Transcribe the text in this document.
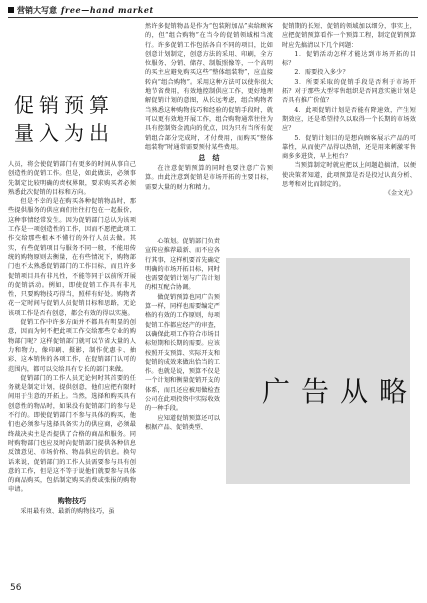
营销大写意 free—hand market
促销预算
量入为出

人员，将会使促销部门有更多的时间从事自己创造性的促销工作。但是，如此做法，必须事先制定比较明确的责权界限，要求购买者必须熟悉此次促销的目标和方向。

但是不幸的是在购买各种促销物品时，那些提供服务的供应商们往往打包在一起报价，这种事情经常发生。因为促销部门总认为该项工作是一项创造性的工作，因而不愿把此项工作交给那些根本不懂行的外行人员去做。其实，有些促销项目与服务不同一般，不能用传统的购物原则去衡量，在有些情况下，购物部门也不太熟悉促销部门的工作目标，而且许多促销项目具有非凡性，不能等同于以前所开展的促销活动。例如，即使促销工作具有非凡性，只要购物技巧得当，照样有好处。购物者花一定时间与促销人员促销目标和思路，无论该项工作是否有创意，都会有效的得以实施。

促销工作中许多方面并不都具有明显的创意，因而为何不把此项工作交给那些专业的购物部门呢？这样促销部门就可以节省大量的人力和物力，像印刷、摄影，制作优惠卡、抽彩、这本销售的各项工作，在促销部门认可的范围内，都可以交给具有专长的部门来做。

促销部门的工作人员无论何时其首要的任务就是制定计划，提供创意，他们应把有限时间用于生意的开拓上。当然，选择和购买具有创意性的物品时，如果没有促销部门的参与是不行的。即使促销部门不参与具体的购买，他们也必须参与选择具备实力的供应商，必须最终裁决卖主是否提供了合格的商品和服务。同时购物部门也应及时向促销部门提供各种信息反馈意见、市场价格、物品供应的信息。换句话来说，促销部门的工作人员需要参与具有创意的工作，但是这不等于说他们就要参与具体的商品购买，包括制定购买消费或张报的购物申请。

购物技巧

采用最有效、最新的购物技巧，虽

然许多促销物品是作为“包装附加品”卖给顾客的，但“组合购物”在当今的促销领域相当流行。许多促销工作包括各自不同的项目，比如创意计划制定，创意方法的采用、印刷，全方位服务、分销、储存、制版照像等，一个高明的买主应避免购买这些“整体组装物”，应直接转向“组合购物”。采用这种方法可以使你很大地节省费用，有效地控制供应工作，更好地理解促销计划的意图，从长远考虑，组合购物者当熟悉这种购物技巧和经验的促销手段时，就可以更有效地开展工作，组合购物通常往往为具有控制资金流向的优点，因为只有当所有促销组合部分完成时，才付费用，而购买“整体组装物”时通常需要预付某些费用。

总　结

在注意促销预算的同时也要注意广告预算。由此注意到促销是市场开拓的主要目标，需要大量的财力和精力。

心策划。促销部门负责宣传应推荐最新、而不应各行其事，这样机要首先确定明确的市场开拓目标，同时也需要促销计划与广告计划的相互配合协调。

做促销预算也同广告预算一样，同样也需要编定严格的有效的工作原则，每项促销工作都应经产的审查，以确保此项工作符合市场目标短期和长期的需要。应该按照开支预算、实际开支和促销的成效来做出恰当的工作。也就是说，预算不仅是一个计划和衡量促销开支的体系，而且还应被用做检查公司在此项投资中实际收效的一种手段。

应知道促销预算还可以根据产品、促销类型、

促销期的长短、促销的领域加以细分，事实上，应把促销预算看作一个预算工程，制定促销预算时应先搞清以下几个问题：

1．促销活动怎样才能达到市场开拓的目标？

2．需要投入多少？

3．所要采取的促销手段是否利于市场开拓？对于那些大型零售组织是否同意实施计划是否具有推广价值？

4．此项促销计划是否能有降速效，产生短期效应，还是希望持久以取得一个长期的市场效应？

5．促销计划目的是想向顾客展示产品的可靠性，从而使产品得以热销，还是用来刺激零售商多多进货，早上柜台？

当预算制定时就应把以上问题趋搞清，以便使决策者知道，此项预算是否是投过认真分析、思考和对比而制定的。

《金文光》

广告从略
56
